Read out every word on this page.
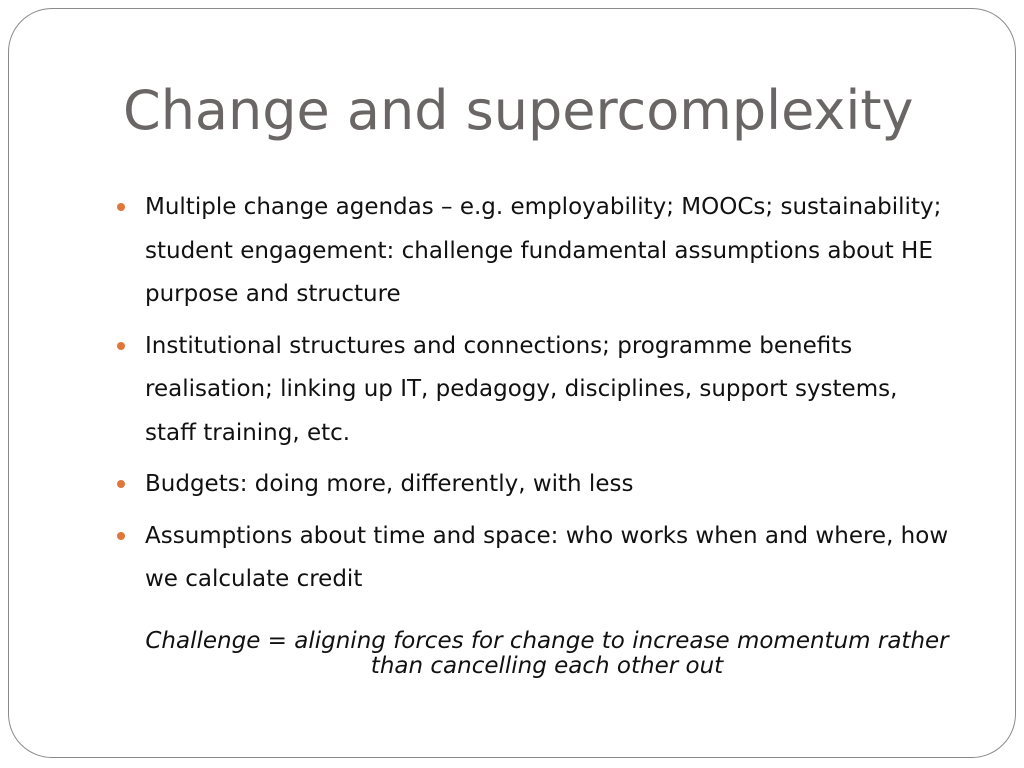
Change and supercomplexity
Multiple change agendas – e.g. employability; MOOCs; sustainability; student engagement: challenge fundamental assumptions about HE purpose and structure
Institutional structures and connections; programme benefits realisation; linking up IT, pedagogy, disciplines, support systems, staff training, etc.
Budgets: doing more, differently, with less
Assumptions about time and space: who works when and where, how we calculate credit

Challenge = aligning forces for change to increase momentum rather than cancelling each other out
